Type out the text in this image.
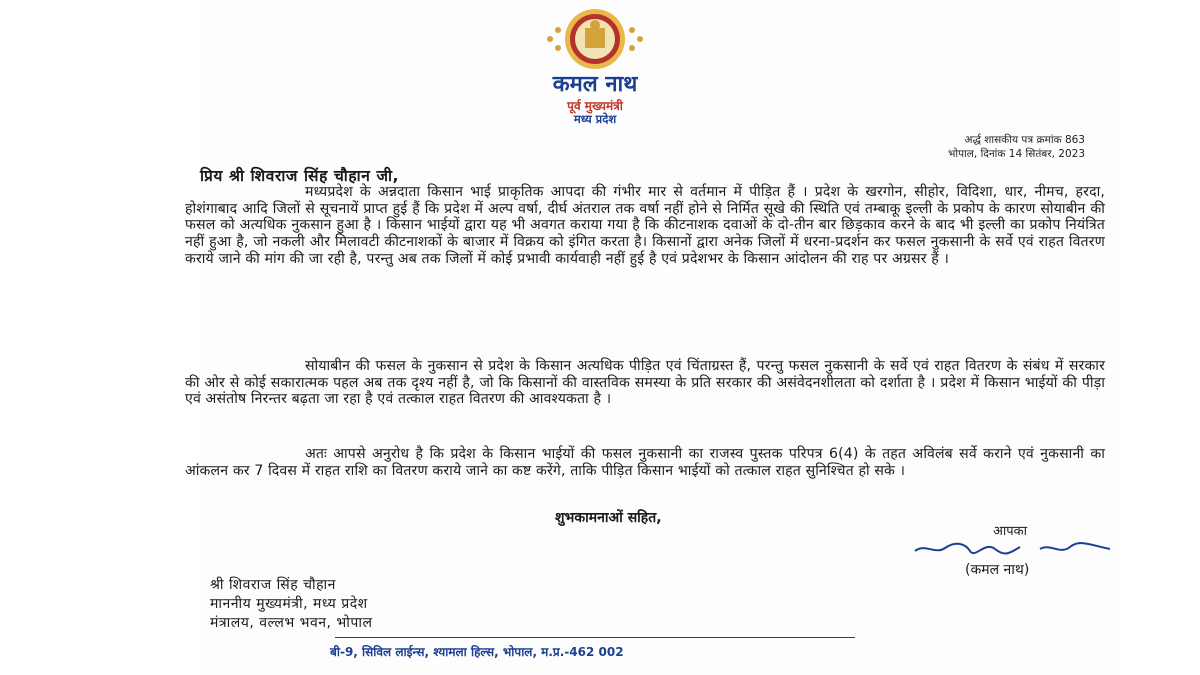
कमल नाथ
पूर्व मुख्यमंत्री
मध्य प्रदेश
अर्द्ध शासकीय पत्र क्रमांक 863
भोपाल, दिनांक 14 सितंबर, 2023
प्रिय श्री शिवराज सिंह चौहान जी,
मध्यप्रदेश के अन्नदाता किसान भाई प्राकृतिक आपदा की गंभीर मार से वर्तमान में पीड़ित हैं । प्रदेश के खरगोन, सीहोर, विदिशा, धार, नीमच, हरदा, होशंगाबाद आदि जिलों से सूचनायें प्राप्त हुई हैं कि प्रदेश में अल्प वर्षा, दीर्घ अंतराल तक वर्षा नहीं होने से निर्मित सूखे की स्थिति एवं तम्बाकू इल्ली के प्रकोप के कारण सोयाबीन की फसल को अत्यधिक नुकसान हुआ है । किसान भाईयों द्वारा यह भी अवगत कराया गया है कि कीटनाशक दवाओं के दो-तीन बार छिड़काव करने के बाद भी इल्ली का प्रकोप नियंत्रित नहीं हुआ है, जो नकली और मिलावटी कीटनाशकों के बाजार में विक्रय को इंगित करता है। किसानों द्वारा अनेक जिलों में धरना-प्रदर्शन कर फसल नुकसानी के सर्वे एवं राहत वितरण कराये जाने की मांग की जा रही है, परन्तु अब तक जिलों में कोई प्रभावी कार्यवाही नहीं हुई है एवं प्रदेशभर के किसान आंदोलन की राह पर अग्रसर हैं ।
सोयाबीन की फसल के नुकसान से प्रदेश के किसान अत्यधिक पीड़ित एवं चिंताग्रस्त हैं, परन्तु फसल नुकसानी के सर्वे एवं राहत वितरण के संबंध में सरकार की ओर से कोई सकारात्मक पहल अब तक दृश्य नहीं है, जो कि किसानों की वास्तविक समस्या के प्रति सरकार की असंवेदनशीलता को दर्शाता है । प्रदेश में किसान भाईयों की पीड़ा एवं असंतोष निरन्तर बढ़ता जा रहा है एवं तत्काल राहत वितरण की आवश्यकता है ।
अतः आपसे अनुरोध है कि प्रदेश के किसान भाईयों की फसल नुकसानी का राजस्व पुस्तक परिपत्र 6(4) के तहत अविलंब सर्वे कराने एवं नुकसानी का आंकलन कर 7 दिवस में राहत राशि का वितरण कराये जाने का कष्ट करेंगे, ताकि पीड़ित किसान भाईयों को तत्काल राहत सुनिश्चित हो सके ।
शुभकामनाओं सहित,
आपका
(कमल नाथ)
श्री शिवराज सिंह चौहान
माननीय मुख्यमंत्री, मध्य प्रदेश
मंत्रालय, वल्लभ भवन, भोपाल
बी-9, सिविल लाईन्स, श्यामला हिल्स, भोपाल, म.प्र.-462 002
